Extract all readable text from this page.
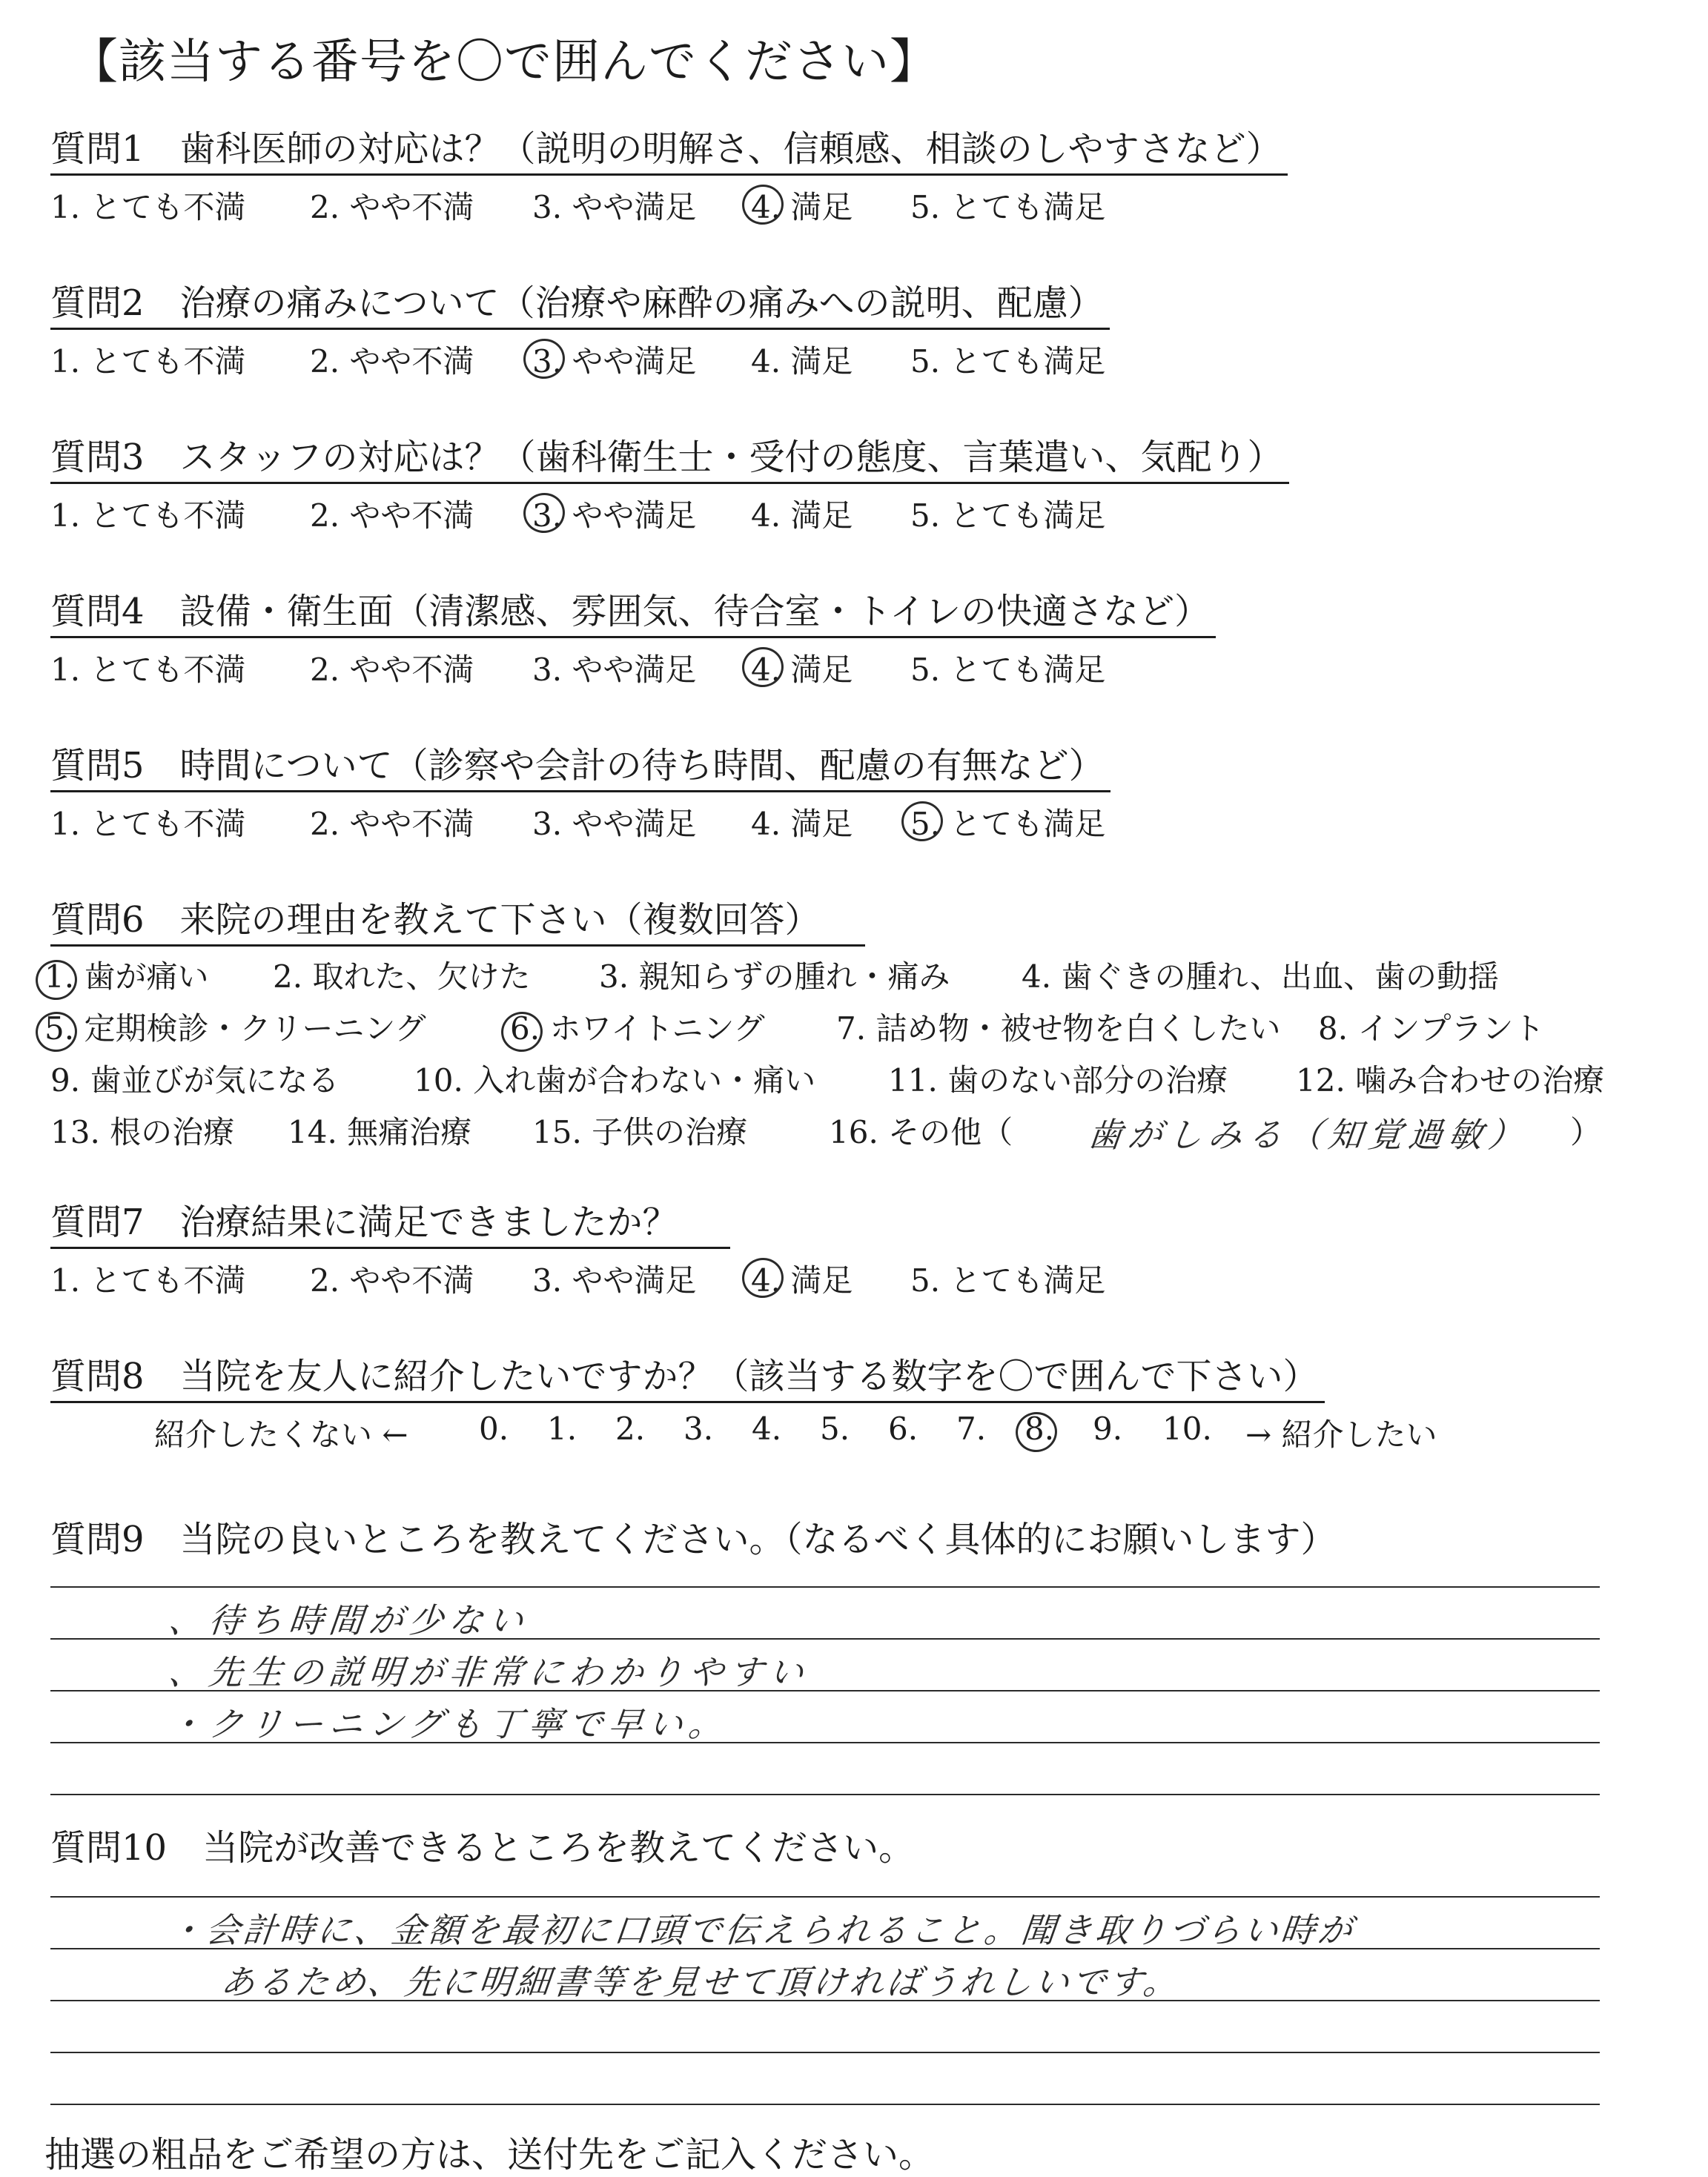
【該当する番号を〇で囲んでください】
質問1　歯科医師の対応は？（説明の明解さ、信頼感、相談のしやすさなど）
1. とても不満 2. やや不満 3. やや満足 4. 満足 5. とても満足
質問2　治療の痛みについて（治療や麻酔の痛みへの説明、配慮）
1. とても不満 2. やや不満 3. やや満足 4. 満足 5. とても満足
質問3　スタッフの対応は？（歯科衛生士・受付の態度、言葉遣い、気配り）
1. とても不満 2. やや不満 3. やや満足 4. 満足 5. とても満足
質問4　設備・衛生面（清潔感、雰囲気、待合室・トイレの快適さなど）
1. とても不満 2. やや不満 3. やや満足 4. 満足 5. とても満足
質問5　時間について（診察や会計の待ち時間、配慮の有無など）
1. とても不満 2. やや不満 3. やや満足 4. 満足 5. とても満足
質問6　来院の理由を教えて下さい（複数回答）
1. 歯が痛い 2. 取れた、欠けた 3. 親知らずの腫れ・痛み 4. 歯ぐきの腫れ、出血、歯の動揺
5. 定期検診・クリーニング	6. ホワイトニング 7. 詰め物・被せ物を白くしたい 8. インプラント
9. 歯並びが気になる 10. 入れ歯が合わない・痛い 11. 歯のない部分の治療 12. 噛み合わせの治療
13. 根の治療 14. 無痛治療 15. 子供の治療	16. その他（ 歯がしみる（知覚過敏） ）
質問7　治療結果に満足できましたか？
1. とても不満 2. やや不満 3. やや満足 4. 満足 5. とても満足
質問8　当院を友人に紹介したいですか？（該当する数字を〇で囲んで下さい）
紹介したくない ← 0. 1. 2. 3. 4. 5. 6. 7. 8. 9. 10. → 紹介したい
質問9　当院の良いところを教えてください。（なるべく具体的にお願いします）
、待ち時間が少ない
、先生の説明が非常にわかりやすい
・クリーニングも丁寧で早い。
質問10　当院が改善できるところを教えてください。
・会計時に、金額を最初に口頭で伝えられること。聞き取りづらい時が
あるため、先に明細書等を見せて頂ければうれしいです。
抽選の粗品をご希望の方は、送付先をご記入ください。
